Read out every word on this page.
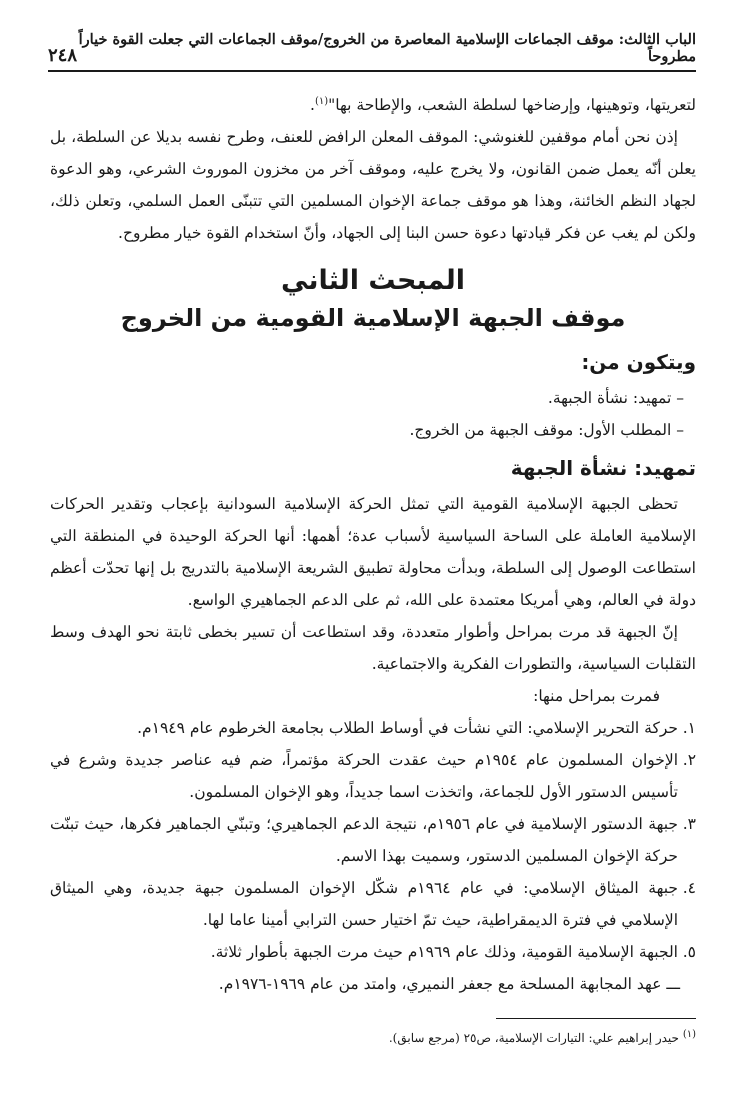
الباب الثالث: موقف الجماعات الإسلامية المعاصرة من الخروج/موقف الجماعات التي جعلت القوة خياراً مطروحاً
٢٤٨

لتعريتها، وتوهينها، وإرضاخها لسلطة الشعب، والإطاحة بها"$^{(١)}$.

إذن نحن أمام موقفين للغنوشي: الموقف المعلن الرافض للعنف، وطرح نفسه بديلا عن السلطة، بل يعلن أنّه يعمل ضمن القانون، ولا يخرج عليه، وموقف آخر من مخزون الموروث الشرعي، وهو الدعوة لجهاد النظم الخائنة، وهذا هو موقف جماعة الإخوان المسلمين التي تتبنّى العمل السلمي، وتعلن ذلك، ولكن لم يغب عن فكر قيادتها دعوة حسن البنا إلى الجهاد، وأنّ استخدام القوة خيار مطروح.

المبحث الثاني
موقف الجبهة الإسلامية القومية من الخروج
ويتكون من:
– تمهيد: نشأة الجبهة.
– المطلب الأول: موقف الجبهة من الخروج.
تمهيد: نشأة الجبهة

تحظى الجبهة الإسلامية القومية التي تمثل الحركة الإسلامية السودانية بإعجاب وتقدير الحركات الإسلامية العاملة على الساحة السياسية لأسباب عدة؛ أهمها: أنها الحركة الوحيدة في المنطقة التي استطاعت الوصول إلى السلطة، وبدأت محاولة تطبيق الشريعة الإسلامية بالتدريج بل إنها تحدّت أعظم دولة في العالم، وهي أمريكا معتمدة على الله، ثم على الدعم الجماهيري الواسع.

إنّ الجبهة قد مرت بمراحل وأطوار متعددة، وقد استطاعت أن تسير بخطى ثابتة نحو الهدف وسط التقلبات السياسية، والتطورات الفكرية والاجتماعية.

فمرت بمراحل منها:

١.حركة التحرير الإسلامي: التي نشأت في أوساط الطلاب بجامعة الخرطوم عام ١٩٤٩م.
٢.الإخوان المسلمون عام ١٩٥٤م حيث عقدت الحركة مؤتمراً، ضم فيه عناصر جديدة وشرع في تأسيس الدستور الأول للجماعة، واتخذت اسما جديداً، وهو الإخوان المسلمون.
٣.جبهة الدستور الإسلامية في عام ١٩٥٦م، نتيجة الدعم الجماهيري؛ وتبنّي الجماهير فكرها، حيث تبنّت حركة الإخوان المسلمين الدستور، وسميت بهذا الاسم.
٤.جبهة الميثاق الإسلامي: في عام ١٩٦٤م شكّل الإخوان المسلمون جبهة جديدة، وهي الميثاق الإسلامي في فترة الديمقراطية، حيث تمّ اختيار حسن الترابي أمينا عاما لها.
٥.الجبهة الإسلامية القومية، وذلك عام ١٩٦٩م حيث مرت الجبهة بأطوار ثلاثة.
ـــ عهد المجابهة المسلحة مع جعفر النميري، وامتد من عام ١٩٦٩-١٩٧٦م.
$^{(١)}$ حيدر إبراهيم علي: التيارات الإسلامية، ص٢٥ (مرجع سابق).
